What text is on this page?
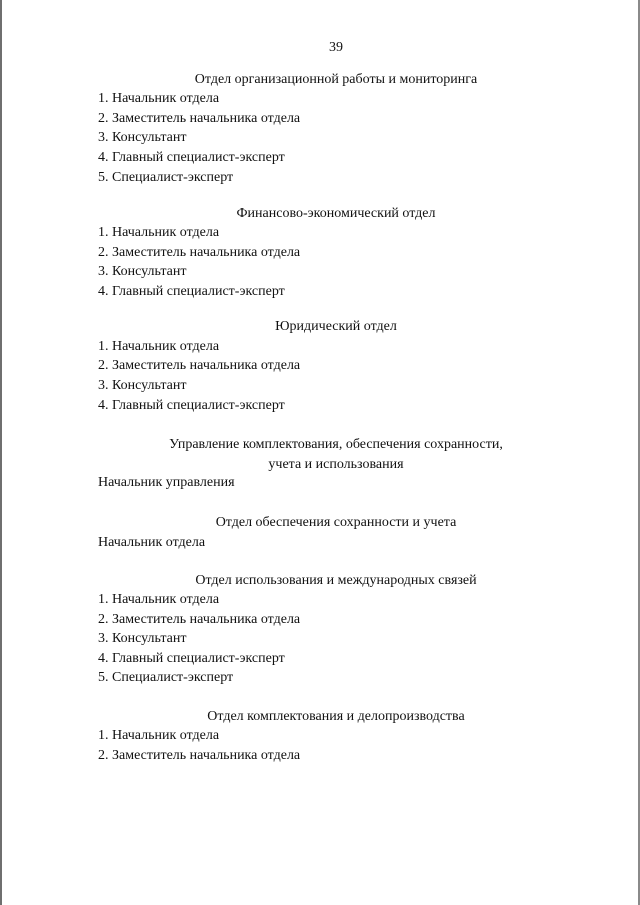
39
Отдел организационной работы и мониторинга
1. Начальник отдела
2. Заместитель начальника отдела
3. Консультант
4. Главный специалист-эксперт
5. Специалист-эксперт
Финансово-экономический отдел
1. Начальник отдела
2. Заместитель начальника отдела
3. Консультант
4. Главный специалист-эксперт
Юридический отдел
1. Начальник отдела
2. Заместитель начальника отдела
3. Консультант
4. Главный специалист-эксперт
Управление комплектования, обеспечения сохранности,
учета и использования
Начальник управления
Отдел обеспечения сохранности и учета
Начальник отдела
Отдел использования и международных связей
1. Начальник отдела
2. Заместитель начальника отдела
3. Консультант
4. Главный специалист-эксперт
5. Специалист-эксперт
Отдел комплектования и делопроизводства
1. Начальник отдела
2. Заместитель начальника отдела
